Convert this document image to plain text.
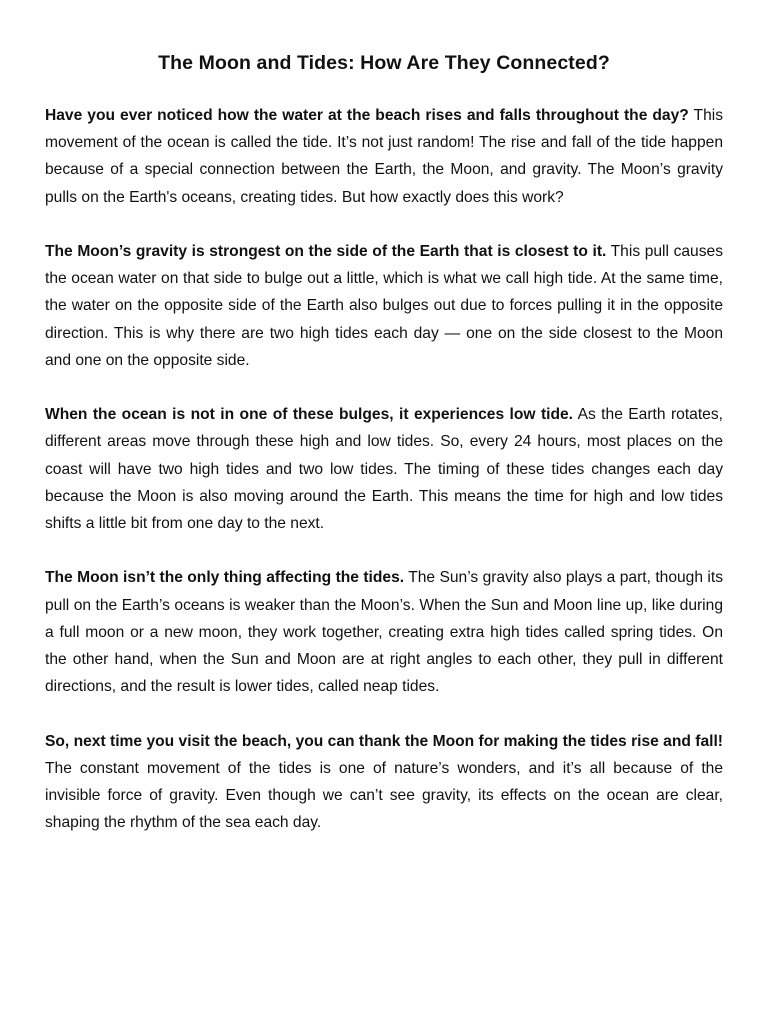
The Moon and Tides: How Are They Connected?

Have you ever noticed how the water at the beach rises and falls throughout the day? This movement of the ocean is called the tide. It’s not just random! The rise and fall of the tide happen because of a special connection between the Earth, the Moon, and gravity. The Moon’s gravity pulls on the Earth's oceans, creating tides. But how exactly does this work?

The Moon’s gravity is strongest on the side of the Earth that is closest to it. This pull causes the ocean water on that side to bulge out a little, which is what we call high tide. At the same time, the water on the opposite side of the Earth also bulges out due to forces pulling it in the opposite direction. This is why there are two high tides each day — one on the side closest to the Moon and one on the opposite side.

When the ocean is not in one of these bulges, it experiences low tide. As the Earth rotates, different areas move through these high and low tides. So, every 24 hours, most places on the coast will have two high tides and two low tides. The timing of these tides changes each day because the Moon is also moving around the Earth. This means the time for high and low tides shifts a little bit from one day to the next.

The Moon isn’t the only thing affecting the tides. The Sun’s gravity also plays a part, though its pull on the Earth’s oceans is weaker than the Moon’s. When the Sun and Moon line up, like during a full moon or a new moon, they work together, creating extra high tides called spring tides. On the other hand, when the Sun and Moon are at right angles to each other, they pull in different directions, and the result is lower tides, called neap tides.

So, next time you visit the beach, you can thank the Moon for making the tides rise and fall! The constant movement of the tides is one of nature’s wonders, and it’s all because of the invisible force of gravity. Even though we can’t see gravity, its effects on the ocean are clear, shaping the rhythm of the sea each day.
